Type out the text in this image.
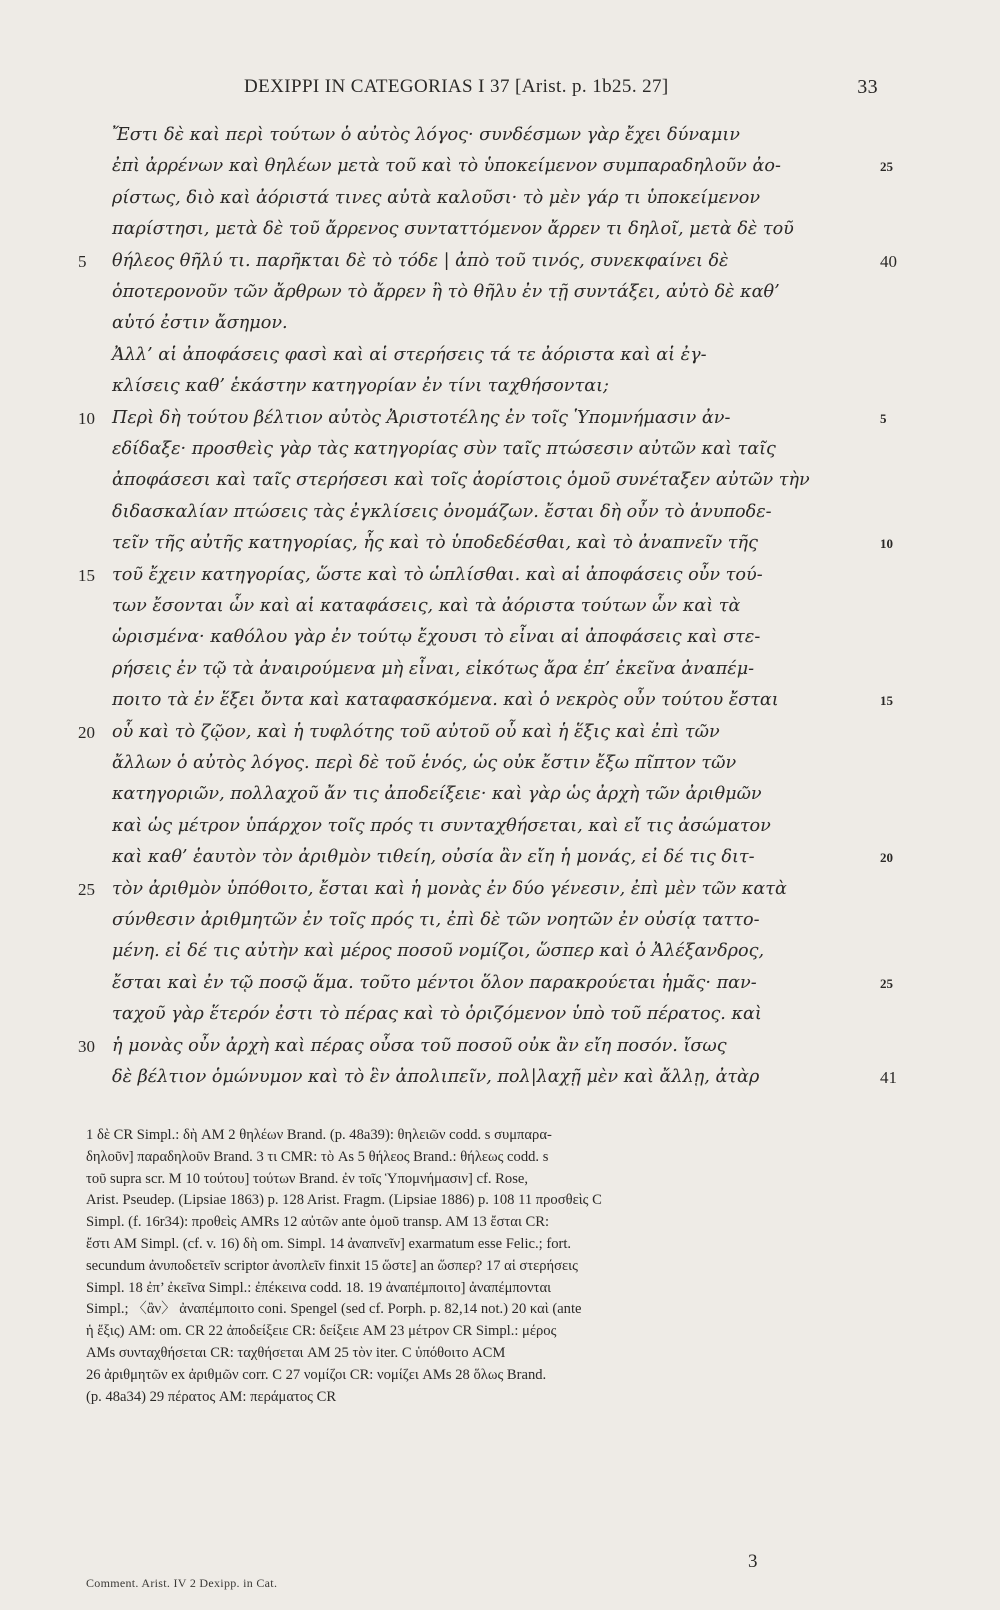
DEXIPPI IN CATEGORIAS I 37 [Arist. p. 1b25. 27]	33
Ἔστι δὲ καὶ περὶ τούτων ὁ αὐτὸς λόγος· συνδέσμων γὰρ ἔχει δύναμιν
ἐπὶ ἀρρένων καὶ θηλέων μετὰ τοῦ καὶ τὸ ὑποκείμενον συμπαραδηλοῦν ἀο-	25
ρίστως, διὸ καὶ ἀόριστά τινες αὐτὰ καλοῦσι· τὸ μὲν γάρ τι ὑποκείμενον
παρίστησι, μετὰ δὲ τοῦ ἄρρενος συνταττόμενον ἄρρεν τι δηλοῖ, μετὰ δὲ τοῦ
5	θήλεος θῆλύ τι. παρῆκται δὲ τὸ τόδε | ἀπὸ τοῦ τινός, συνεκφαίνει δὲ	40
ὁποτερονοῦν τῶν ἄρθρων τὸ ἄρρεν ἢ τὸ θῆλυ ἐν τῇ συντάξει, αὐτὸ δὲ καθ’
αὑτό ἐστιν ἄσημον.
Ἀλλ’ αἱ ἀποφάσεις φασὶ καὶ αἱ στερήσεις τά τε ἀόριστα καὶ αἱ ἐγ-
κλίσεις καθ’ ἑκάστην κατηγορίαν ἐν τίνι ταχθήσονται;
10 Περὶ δὴ τούτου βέλτιον αὐτὸς Ἀριστοτέλης ἐν τοῖς Ὑπομνήμασιν ἀν-	5
εδίδαξε· προσθεὶς γὰρ τὰς κατηγορίας σὺν ταῖς πτώσεσιν αὐτῶν καὶ ταῖς
ἀποφάσεσι καὶ ταῖς στερήσεσι καὶ τοῖς ἀορίστοις ὁμοῦ συνέταξεν αὐτῶν τὴν
διδασκαλίαν πτώσεις τὰς ἐγκλίσεις ὀνομάζων. ἔσται δὴ οὖν τὸ ἀνυποδε-
τεῖν τῆς αὐτῆς κατηγορίας, ἧς καὶ τὸ ὑποδεδέσθαι, καὶ τὸ ἀναπνεῖν τῆς	10
15 τοῦ ἔχειν κατηγορίας, ὥστε καὶ τὸ ὡπλίσθαι. καὶ αἱ ἀποφάσεις οὖν τού-
των ἔσονται ὧν καὶ αἱ καταφάσεις, καὶ τὰ ἀόριστα τούτων ὧν καὶ τὰ
ὡρισμένα· καθόλου γὰρ ἐν τούτῳ ἔχουσι τὸ εἶναι αἱ ἀποφάσεις καὶ στε-
ρήσεις ἐν τῷ τὰ ἀναιρούμενα μὴ εἶναι, εἰκότως ἄρα ἐπ’ ἐκεῖνα ἀναπέμ-
ποιτο τὰ ἐν ἕξει ὄντα καὶ καταφασκόμενα. καὶ ὁ νεκρὸς οὖν τούτου ἔσται	15
20 οὗ καὶ τὸ ζῷον, καὶ ἡ τυφλότης τοῦ αὐτοῦ οὗ καὶ ἡ ἕξις καὶ ἐπὶ τῶν
ἄλλων ὁ αὐτὸς λόγος. περὶ δὲ τοῦ ἑνός, ὡς οὐκ ἔστιν ἔξω πῖπτον τῶν
κατηγοριῶν, πολλαχοῦ ἄν τις ἀποδείξειε· καὶ γὰρ ὡς ἀρχὴ τῶν ἀριθμῶν
καὶ ὡς μέτρον ὑπάρχον τοῖς πρός τι συνταχθήσεται, καὶ εἴ τις ἀσώματον
καὶ καθ’ ἑαυτὸν τὸν ἀριθμὸν τιθείη, οὐσία ἂν εἴη ἡ μονάς, εἰ δέ τις διτ-	20
25 τὸν ἀριθμὸν ὑπόθοιτο, ἔσται καὶ ἡ μονὰς ἐν δύο γένεσιν, ἐπὶ μὲν τῶν κατὰ
σύνθεσιν ἀριθμητῶν ἐν τοῖς πρός τι, ἐπὶ δὲ τῶν νοητῶν ἐν οὐσίᾳ ταττο-
μένη. εἰ δέ τις αὐτὴν καὶ μέρος ποσοῦ νομίζοι, ὥσπερ καὶ ὁ Ἀλέξανδρος,
ἔσται καὶ ἐν τῷ ποσῷ ἅμα. τοῦτο μέντοι ὅλον παρακρούεται ἡμᾶς· παν-	25
ταχοῦ γὰρ ἕτερόν ἐστι τὸ πέρας καὶ τὸ ὁριζόμενον ὑπὸ τοῦ πέρατος. καὶ
30 ἡ μονὰς οὖν ἀρχὴ καὶ πέρας οὖσα τοῦ ποσοῦ οὐκ ἂν εἴη ποσόν. ἴσως
δὲ βέλτιον ὁμώνυμον καὶ τὸ ἓν ἀπολιπεῖν, πολ|λαχῇ μὲν καὶ ἄλλῃ, ἀτὰρ	41
1 δὲ CR Simpl.: δὴ AM 2 θηλέων Brand. (p. 48a39): θηλειῶν codd. s συμπαρα-
δηλοῦν] παραδηλοῦν Brand. 3 τι CMR: τὸ As 5 θήλεος Brand.: θήλεως codd. s
τοῦ supra scr. M 10 τούτου] τούτων Brand. ἐν τοῖς Ὑπομνήμασιν] cf. Rose,
Arist. Pseudep. (Lipsiae 1863) p. 128 Arist. Fragm. (Lipsiae 1886) p. 108 11 προσθεὶς C
Simpl. (f. 16r34): προθεὶς AMRs 12 αὐτῶν ante ὁμοῦ transp. AM 13 ἔσται CR:
ἔστι AM Simpl. (cf. v. 16) δὴ om. Simpl. 14 ἀναπνεῖν] exarmatum esse Felic.; fort.
secundum ἀνυποδετεῖν scriptor ἀνοπλεῖν finxit 15 ὥστε] an ὥσπερ? 17 αἱ στερήσεις
Simpl. 18 ἐπ’ ἐκεῖνα Simpl.: ἐπέκεινα codd. 18. 19 ἀναπέμποιτο] ἀναπέμπονται
Simpl.; 〈ἂν〉 ἀναπέμποιτο coni. Spengel (sed cf. Porph. p. 82,14 not.) 20 καὶ (ante
ἡ ἕξις) AM: om. CR 22 ἀποδείξειε CR: δείξειε AM 23 μέτρον CR Simpl.: μέρος
AMs συνταχθήσεται CR: ταχθήσεται AM 25 τὸν iter. C ὑπόθοιτο ACM
26 ἀριθμητῶν ex ἀριθμῶν corr. C 27 νομίζοι CR: νομίζει AMs 28 ὅλως Brand.
(p. 48a34) 29 πέρατος AM: περάματος CR
3
Comment. Arist. IV 2 Dexipp. in Cat.
